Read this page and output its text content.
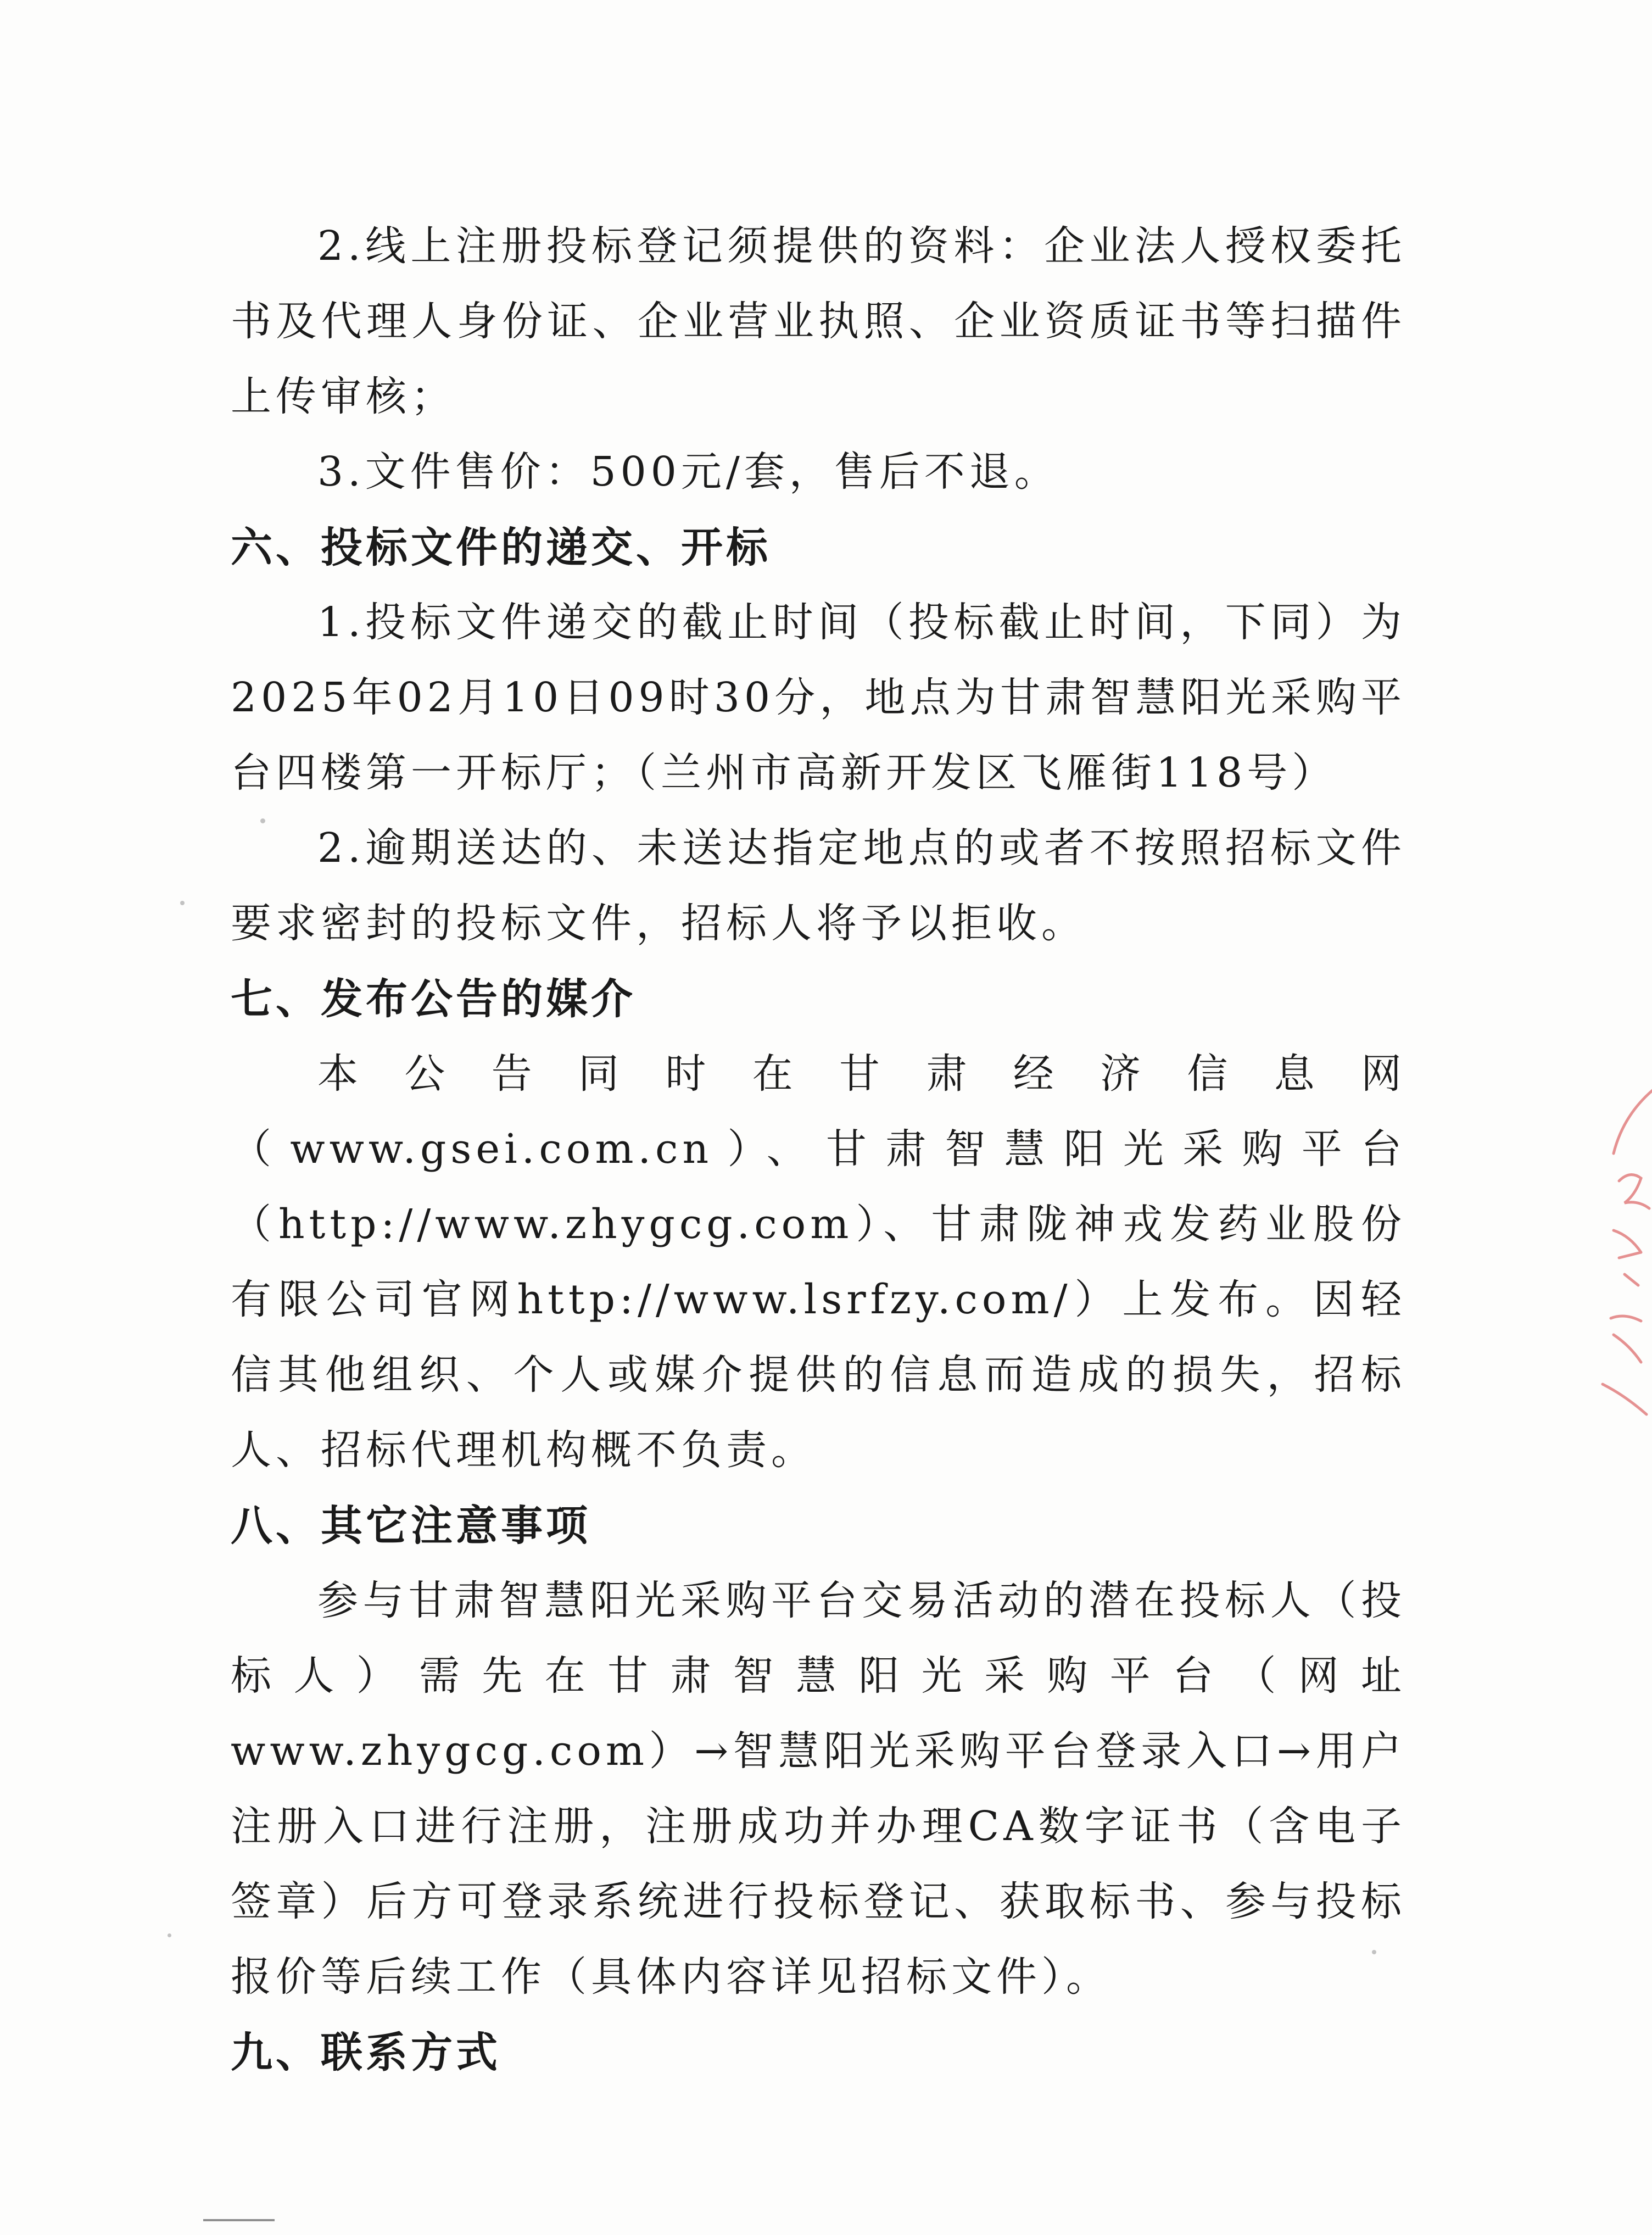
2.线上注册投标登记须提供的资料：企业法人授权委托书及代理人身份证、企业营业执照、企业资质证书等扫描件上传审核；

3.文件售价：500元/套，售后不退。

六、投标文件的递交、开标

1.投标文件递交的截止时间（投标截止时间，下同）为2025年02月10日09时30分，地点为甘肃智慧阳光采购平台四楼第一开标厅；（兰州市高新开发区飞雁街118号）

2.逾期送达的、未送达指定地点的或者不按照招标文件要求密封的投标文件，招标人将予以拒收。

七、发布公告的媒介

本公告同时在甘肃经济信息网（www.gsei.com.cn）、甘肃智慧阳光采购平台（http://www.zhygcg.com）、甘肃陇神戎发药业股份有限公司官网http://www.lsrfzy.com/）上发布。因轻信其他组织、个人或媒介提供的信息而造成的损失，招标人、招标代理机构概不负责。

八、其它注意事项

参与甘肃智慧阳光采购平台交易活动的潜在投标人（投标人）需先在甘肃智慧阳光采购平台（网址www.zhygcg.com）→智慧阳光采购平台登录入口→用户注册入口进行注册，注册成功并办理CA数字证书（含电子签章）后方可登录系统进行投标登记、获取标书、参与投标报价等后续工作（具体内容详见招标文件）。

九、联系方式
